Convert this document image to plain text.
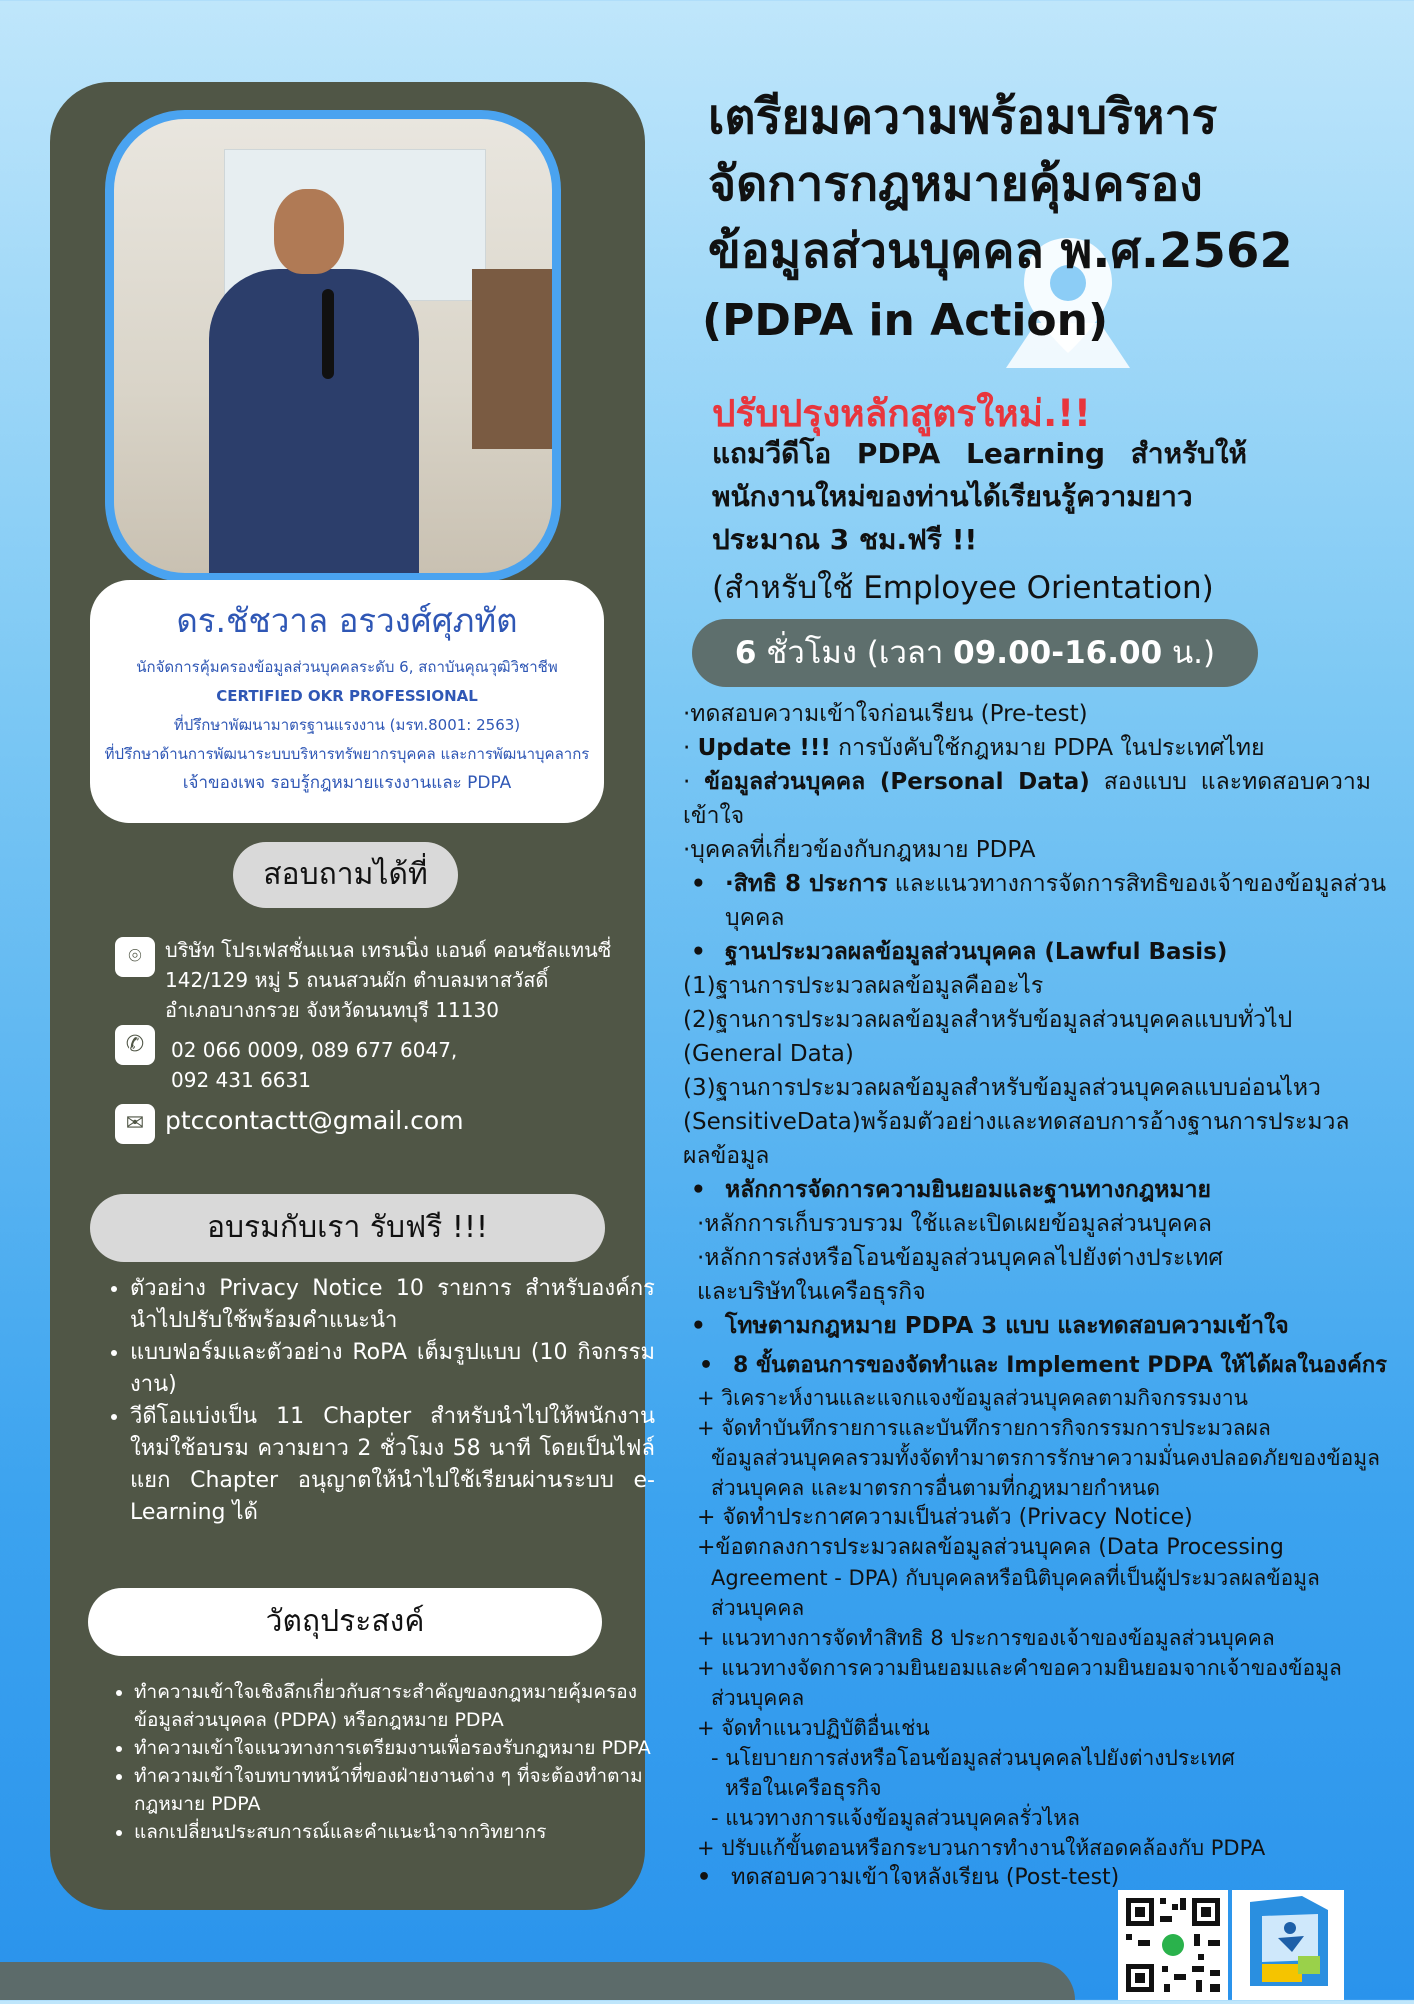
ดร.ชัชวาล อรวงศ์ศุภทัต
นักจัดการคุ้มครองข้อมูลส่วนบุคคลระดับ 6, สถาบันคุณวุฒิวิชาชีพ
CERTIFIED OKR PROFESSIONAL
ที่ปรึกษาพัฒนามาตรฐานแรงงาน (มรท.8001: 2563)
ที่ปรึกษาด้านการพัฒนาระบบบริหารทรัพยากรบุคคล และการพัฒนาบุคลากร
เจ้าของเพจ รอบรู้กฎหมายแรงงานและ PDPA
สอบถามได้ที่
⌾	บริษัท โปรเฟสชั่นแนล เทรนนิ่ง แอนด์ คอนซัลแทนซี่
142/129 หมู่ 5 ถนนสวนผัก ตำบลมหาสวัสดิ์
อำเภอบางกรวย จังหวัดนนทบุรี 11130
✆	02 066 0009, 089 677 6047,
092 431 6631
✉ ptccontactt@gmail.com
อบรมกับเรา รับฟรี !!!
• ตัวอย่าง Privacy Notice 10 รายการ สำหรับองค์กร นำไปปรับใช้พร้อมคำแนะนำ
• แบบฟอร์มและตัวอย่าง RoPA เต็มรูปแบบ (10 กิจกรรมงาน)
• วีดีโอแบ่งเป็น 11 Chapter สำหรับนำไปให้พนักงานใหม่ใช้อบรม ความยาว 2 ชั่วโมง 58 นาที โดยเป็นไฟล์แยก Chapter อนุญาตให้นำไปใช้เรียนผ่านระบบ e-Learning ได้
วัตถุประสงค์
• ทำความเข้าใจเชิงลึกเกี่ยวกับสาระสำคัญของกฎหมายคุ้มครองข้อมูลส่วนบุคคล (PDPA) หรือกฎหมาย PDPA
• ทำความเข้าใจแนวทางการเตรียมงานเพื่อรองรับกฎหมาย PDPA
• ทำความเข้าใจบทบาทหน้าที่ของฝ่ายงานต่าง ๆ ที่จะต้องทำตามกฎหมาย PDPA
• แลกเปลี่ยนประสบการณ์และคำแนะนำจากวิทยากร
เตรียมความพร้อมบริหาร
จัดการกฎหมายคุ้มครอง
ข้อมูลส่วนบุคคล พ.ศ.2562
(PDPA in Action)
ปรับปรุงหลักสูตรใหม่.!!
แถมวีดีโอ PDPA Learning สำหรับให้
พนักงานใหม่ของท่านได้เรียนรู้ความยาว
ประมาณ 3 ชม.ฟรี !!
(สำหรับใช้ Employee Orientation)
6 ชั่วโมง (เวลา 09.00-16.00 น.)
·ทดสอบความเข้าใจก่อนเรียน (Pre-test)
· Update !!! การบังคับใช้กฎหมาย PDPA ในประเทศไทย
· ข้อมูลส่วนบุคคล (Personal Data) สองแบบ และทดสอบความ
เข้าใจ
·บุคคลที่เกี่ยวข้องกับกฎหมาย PDPA
• ·สิทธิ 8 ประการ และแนวทางการจัดการสิทธิของเจ้าของข้อมูลส่วน
บุคคล
• ฐานประมวลผลข้อมูลส่วนบุคคล (Lawful Basis)
(1)ฐานการประมวลผลข้อมูลคืออะไร
(2)ฐานการประมวลผลข้อมูลสำหรับข้อมูลส่วนบุคคลแบบทั่วไป
(General Data)
(3)ฐานการประมวลผลข้อมูลสำหรับข้อมูลส่วนบุคคลแบบอ่อนไหว
(SensitiveData)พร้อมตัวอย่างและทดสอบการอ้างฐานการประมวล
ผลข้อมูล
• หลักการจัดการความยินยอมและฐานทางกฎหมาย
·หลักการเก็บรวบรวม ใช้และเปิดเผยข้อมูลส่วนบุคคล
·หลักการส่งหรือโอนข้อมูลส่วนบุคคลไปยังต่างประเทศ
และบริษัทในเครือธุรกิจ
• โทษตามกฎหมาย PDPA 3 แบบ และทดสอบความเข้าใจ
• 8 ขั้นตอนการของจัดทำและ Implement PDPA ให้ได้ผลในองค์กร
+ วิเคราะห์งานและแจกแจงข้อมูลส่วนบุคคลตามกิจกรรมงาน
+ จัดทำบันทึกรายการและบันทึกรายการกิจกรรมการประมวลผล
ข้อมูลส่วนบุคคลรวมทั้งจัดทำมาตรการรักษาความมั่นคงปลอดภัยของข้อมูล
ส่วนบุคคล และมาตรการอื่นตามที่กฎหมายกำหนด
+ จัดทำประกาศความเป็นส่วนตัว (Privacy Notice)
+ข้อตกลงการประมวลผลข้อมูลส่วนบุคคล (Data Processing
Agreement - DPA) กับบุคคลหรือนิติบุคคลที่เป็นผู้ประมวลผลข้อมูล
ส่วนบุคคล
+ แนวทางการจัดทำสิทธิ 8 ประการของเจ้าของข้อมูลส่วนบุคคล
+ แนวทางจัดการความยินยอมและคำขอความยินยอมจากเจ้าของข้อมูล
ส่วนบุคคล
+ จัดทำแนวปฏิบัติอื่นเช่น
- นโยบายการส่งหรือโอนข้อมูลส่วนบุคคลไปยังต่างประเทศ
หรือในเครือธุรกิจ
- แนวทางการแจ้งข้อมูลส่วนบุคคลรั่วไหล
+ ปรับแก้ขั้นตอนหรือกระบวนการทำงานให้สอดคล้องกับ PDPA
• ทดสอบความเข้าใจหลังเรียน (Post-test)
